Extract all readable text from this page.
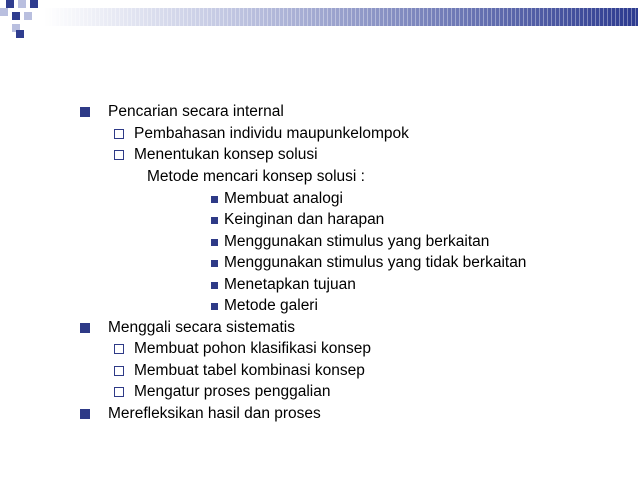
Pencarian secara internal
Pembahasan individu maupunkelompok
Menentukan konsep solusi
Metode mencari konsep solusi :
Membuat analogi
Keinginan dan harapan
Menggunakan stimulus yang berkaitan
Menggunakan stimulus yang tidak berkaitan
Menetapkan tujuan
Metode galeri
Menggali secara sistematis
Membuat pohon klasifikasi konsep
Membuat tabel kombinasi konsep
Mengatur proses penggalian
Merefleksikan hasil dan proses
